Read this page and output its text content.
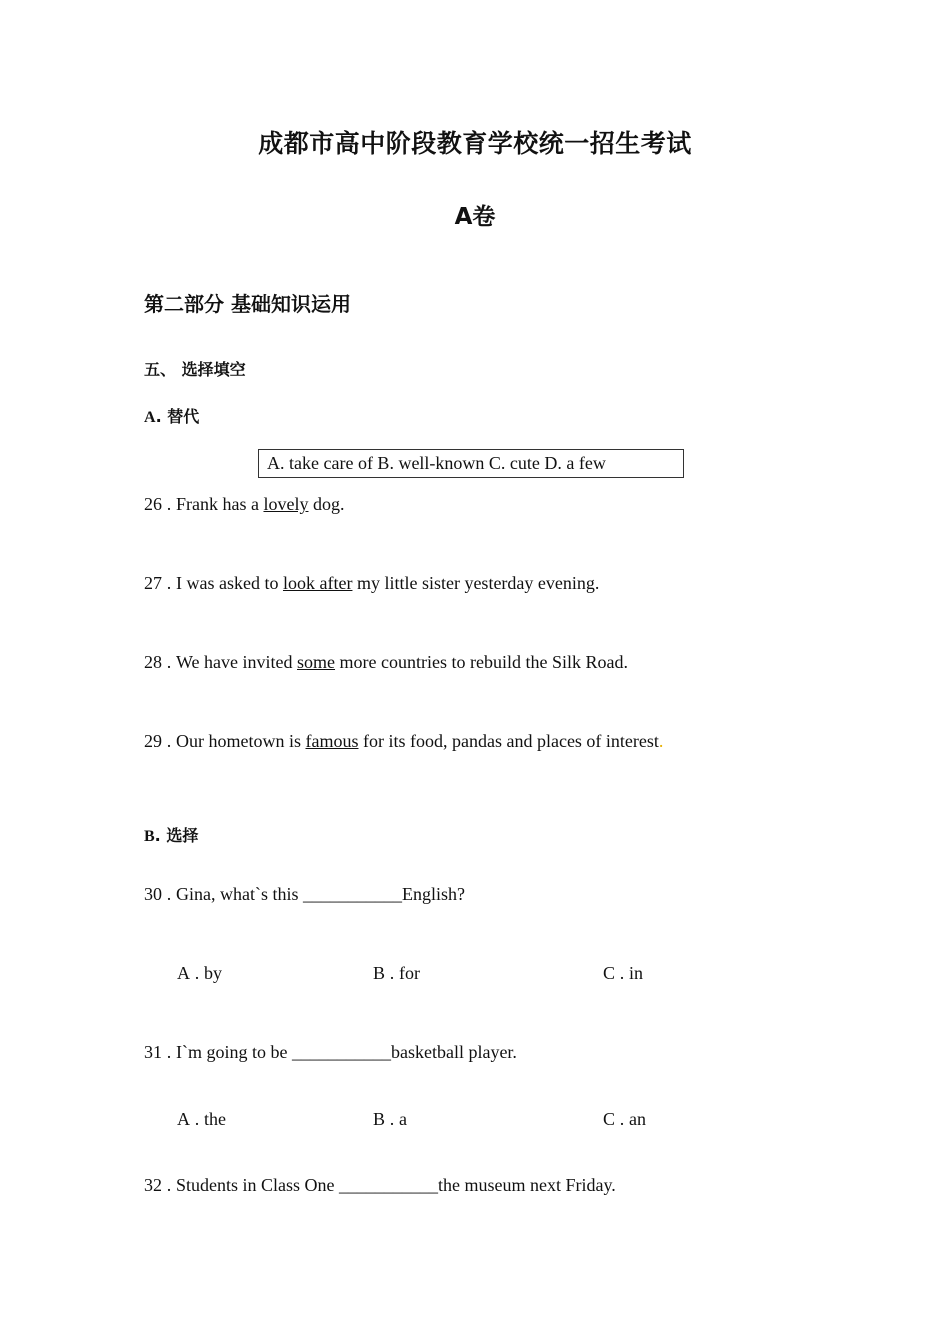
成都市高中阶段教育学校统一招生考试
A卷
第二部分 基础知识运用
五、 选择填空
A. 替代
A. take care of B. well-known C. cute D. a few
26 . Frank has a lovely dog.
27 . I was asked to look after my little sister yesterday evening.
28 . We have invited some more countries to rebuild the Silk Road.
29 . Our hometown is famous for its food, pandas and places of interest.
B. 选择
30 . Gina, what`s this ___________English?
A . by	B . for	C . in
31 . I`m going to be ___________basketball player.
A . the	B . a	C . an
32 . Students in Class One ___________the museum next Friday.
